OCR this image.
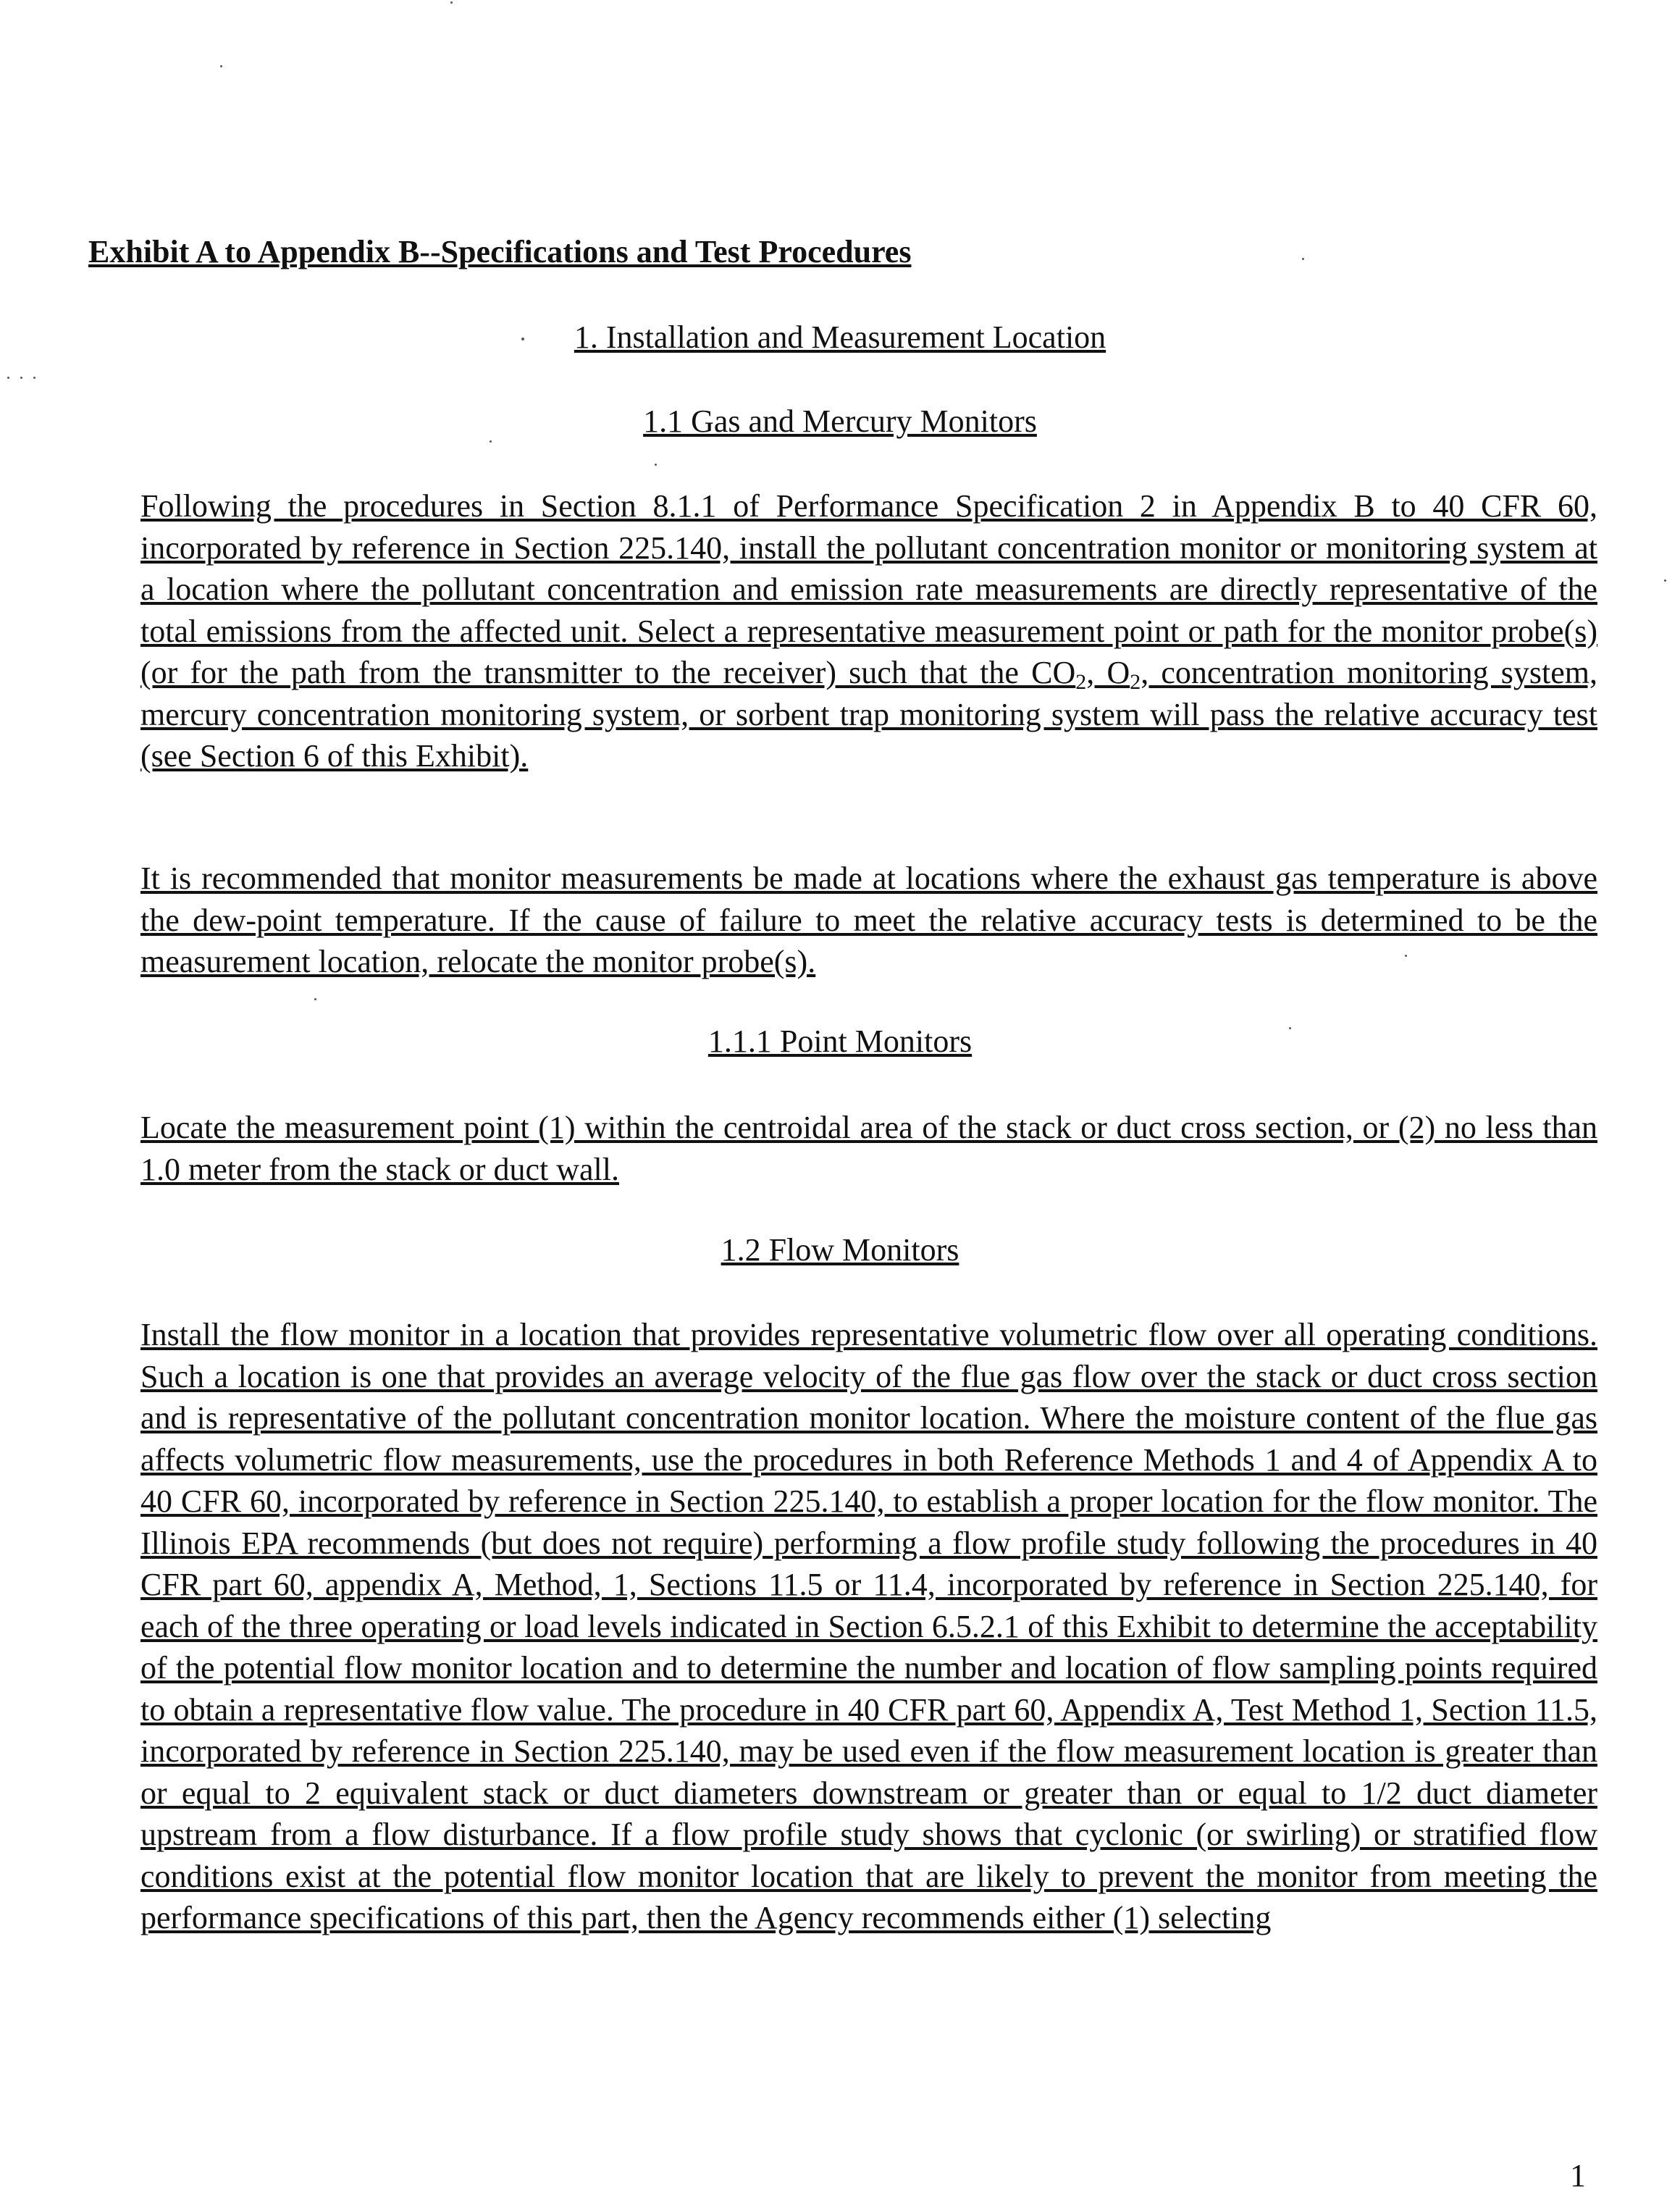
Exhibit A to Appendix B--Specifications and Test Procedures
1. Installation and Measurement Location
1.1 Gas and Mercury Monitors
Following the procedures in Section 8.1.1 of Performance Specification 2 in Appendix B to 40 CFR 60, incorporated by reference in Section 225.140, install the pollutant concentration monitor or monitoring system at a location where the pollutant concentration and emission rate measurements are directly representative of the total emissions from the affected unit. Select a representative measurement point or path for the monitor probe(s) (or for the path from the transmitter to the receiver) such that the $CO_2$, $O_2$, concentration monitoring system, mercury concentration monitoring system, or sorbent trap monitoring system will pass the relative accuracy test (see Section 6 of this Exhibit).
It is recommended that monitor measurements be made at locations where the exhaust gas temperature is above the dew-point temperature. If the cause of failure to meet the relative accuracy tests is determined to be the measurement location, relocate the monitor probe(s).
1.1.1 Point Monitors
Locate the measurement point (1) within the centroidal area of the stack or duct cross section, or (2) no less than 1.0 meter from the stack or duct wall.
1.2 Flow Monitors
Install the flow monitor in a location that provides representative volumetric flow over all operating conditions. Such a location is one that provides an average velocity of the flue gas flow over the stack or duct cross section and is representative of the pollutant concentration monitor location. Where the moisture content of the flue gas affects volumetric flow measurements, use the procedures in both Reference Methods 1 and 4 of Appendix A to 40 CFR 60, incorporated by reference in Section 225.140, to establish a proper location for the flow monitor. The Illinois EPA recommends (but does not require) performing a flow profile study following the procedures in 40 CFR part 60, appendix A, Method, 1, Sections 11.5 or 11.4, incorporated by reference in Section 225.140, for each of the three operating or load levels indicated in Section 6.5.2.1 of this Exhibit to determine the acceptability of the potential flow monitor location and to determine the number and location of flow sampling points required to obtain a representative flow value. The procedure in 40 CFR part 60, Appendix A, Test Method 1, Section 11.5, incorporated by reference in Section 225.140, may be used even if the flow measurement location is greater than or equal to 2 equivalent stack or duct diameters downstream or greater than or equal to 1/2 duct diameter upstream from a flow disturbance. If a flow profile study shows that cyclonic (or swirling) or stratified flow conditions exist at the potential flow monitor location that are likely to prevent the monitor from meeting the performance specifications of this part, then the Agency recommends either (1) selecting
1
